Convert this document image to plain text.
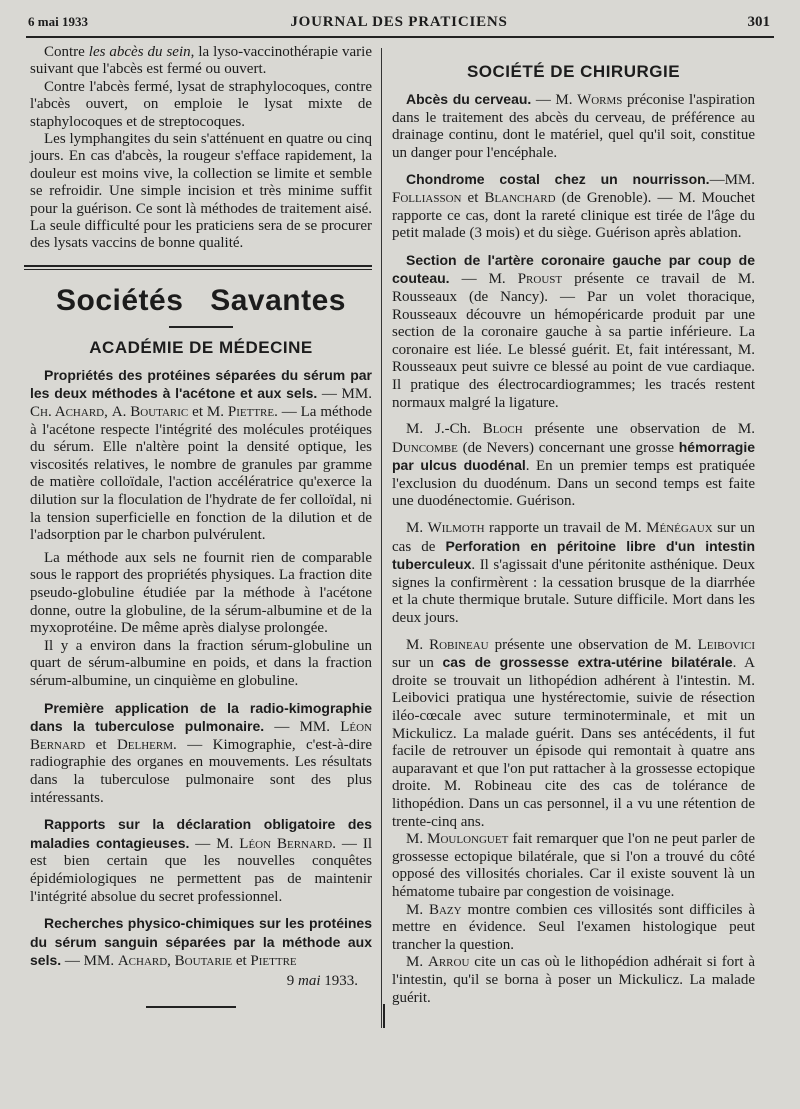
6 mai 1933	JOURNAL DES PRATICIENS	301

Contre les abcès du sein, la lyso-vaccinothérapie varie suivant que l'abcès est fermé ou ouvert.

Contre l'abcès fermé, lysat de straphylocoques, contre l'abcès ouvert, on emploie le lysat mixte de staphylocoques et de streptocoques.

Les lymphangites du sein s'atténuent en quatre ou cinq jours. En cas d'abcès, la rougeur s'efface rapidement, la douleur est moins vive, la collection se limite et semble se refroidir. Une simple incision et très minime suffit pour la guérison. Ce sont là méthodes de traitement aisé. La seule difficulté pour les praticiens sera de se procurer des lysats vaccins de bonne qualité.

Sociétés Savantes
ACADÉMIE DE MÉDECINE

Propriétés des protéines séparées du sérum par les deux méthodes à l'acétone et aux sels. — MM. Ch. Achard, A. Boutaric et M. Piettre. — La méthode à l'acétone respecte l'intégrité des molécules protéiques du sérum. Elle n'altère point la densité optique, les viscosités relatives, le nombre de granules par gramme de matière colloïdale, l'action accélératrice qu'exerce la dilution sur la floculation de l'hydrate de fer colloïdal, ni la tension superficielle en fonction de la dilution et de l'adsorption par le charbon pulvérulent.

La méthode aux sels ne fournit rien de comparable sous le rapport des propriétés physiques. La fraction dite pseudo-globuline étudiée par la méthode à l'acétone donne, outre la globuline, de la sérum-albumine et de la myxoprotéine. De même après dialyse prolongée.

Il y a environ dans la fraction sérum-globuline un quart de sérum-albumine en poids, et dans la fraction sérum-albumine, un cinquième en globuline.

Première application de la radio-kimographie dans la tuberculose pulmonaire. — MM. Léon Bernard et Delherm. — Kimographie, c'est-à-dire radiographie des organes en mouvements. Les résultats dans la tuberculose pulmonaire sont des plus intéressants.

Rapports sur la déclaration obligatoire des maladies contagieuses. — M. Léon Bernard. — Il est bien certain que les nouvelles conquêtes épidémiologiques ne permettent pas de maintenir l'intégrité absolue du secret professionnel.

Recherches physico-chimiques sur les protéines du sérum sanguin séparées par la méthode aux sels. — MM. Achard, Boutarie et Piettre

9 mai 1933.
SOCIÉTÉ DE CHIRURGIE

Abcès du cerveau. — M. Worms préconise l'aspiration dans le traitement des abcès du cerveau, de préférence au drainage continu, dont le matériel, quel qu'il soit, constitue un danger pour l'encéphale.

Chondrome costal chez un nourrisson.—MM. Folliasson et Blanchard (de Grenoble). — M. Mouchet rapporte ce cas, dont la rareté clinique est tirée de l'âge du petit malade (3 mois) et du siège. Guérison après ablation.

Section de l'artère coronaire gauche par coup de couteau. — M. Proust présente ce travail de M. Rousseaux (de Nancy). — Par un volet thoracique, Rousseaux découvre un hémopéricarde produit par une section de la coronaire gauche à sa partie inférieure. La coronaire est liée. Le blessé guérit. Et, fait intéressant, M. Rousseaux peut suivre ce blessé au point de vue cardiaque. Il pratique des électrocardiogrammes; les tracés restent normaux malgré la ligature.

M. J.-Ch. Bloch présente une observation de M. Duncombe (de Nevers) concernant une grosse hémorragie par ulcus duodénal. En un premier temps est pratiquée l'exclusion du duodénum. Dans un second temps est faite une duodénectomie. Guérison.

M. Wilmoth rapporte un travail de M. Ménégaux sur un cas de Perforation en péritoine libre d'un intestin tuberculeux. Il s'agissait d'une péritonite asthénique. Deux signes la confirmèrent : la cessation brusque de la diarrhée et la chute thermique brutale. Suture difficile. Mort dans les deux jours.

M. Robineau présente une observation de M. Leibovici sur un cas de grossesse extra-utérine bilatérale. A droite se trouvait un lithopédion adhérent à l'intestin. M. Leibovici pratiqua une hystérectomie, suivie de résection iléo-cœcale avec suture terminoterminale, et mit un Mickulicz. La malade guérit. Dans ses antécédents, il fut facile de retrouver un épisode qui remontait à quatre ans auparavant et que l'on put rattacher à la grossesse ectopique droite. M. Robineau cite des cas de tolérance de lithopédion. Dans un cas personnel, il a vu une rétention de trente-cinq ans.

M. Moulonguet fait remarquer que l'on ne peut parler de grossesse ectopique bilatérale, que si l'on a trouvé du côté opposé des villosités choriales. Car il existe souvent là un hématome tubaire par congestion de voisinage.

M. Bazy montre combien ces villosités sont difficiles à mettre en évidence. Seul l'examen histologique peut trancher la question.

M. Arrou cite un cas où le lithopédion adhérait si fort à l'intestin, qu'il se borna à poser un Mickulicz. La malade guérit.
